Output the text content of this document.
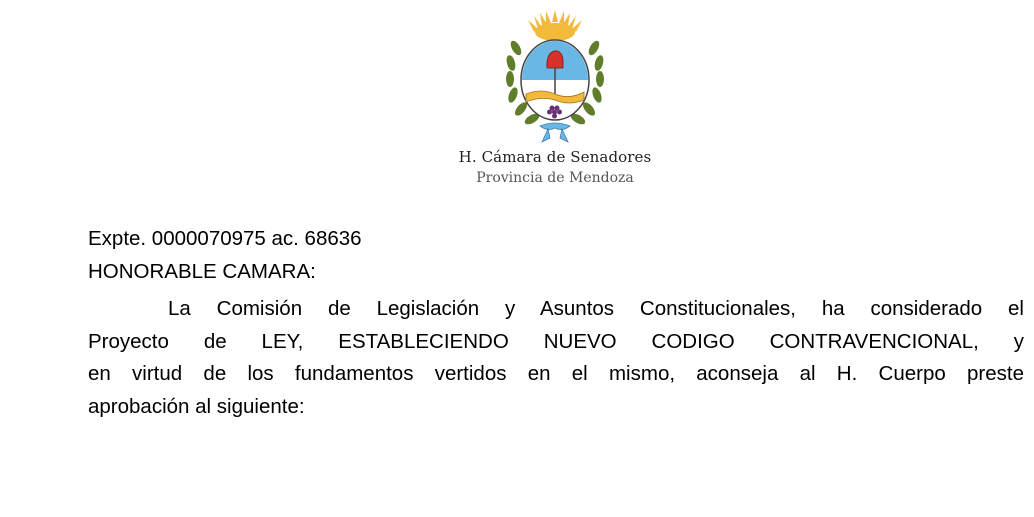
H. Cámara de Senadores
Provincia de Mendoza
Expte. 0000070975 ac. 68636
HONORABLE CAMARA:
La Comisión de Legislación y Asuntos Constitucionales, ha considerado el
Proyecto de LEY, ESTABLECIENDO NUEVO CODIGO CONTRAVENCIONAL, y
en virtud de los fundamentos vertidos en el mismo, aconseja al H. Cuerpo preste
aprobación al siguiente:
